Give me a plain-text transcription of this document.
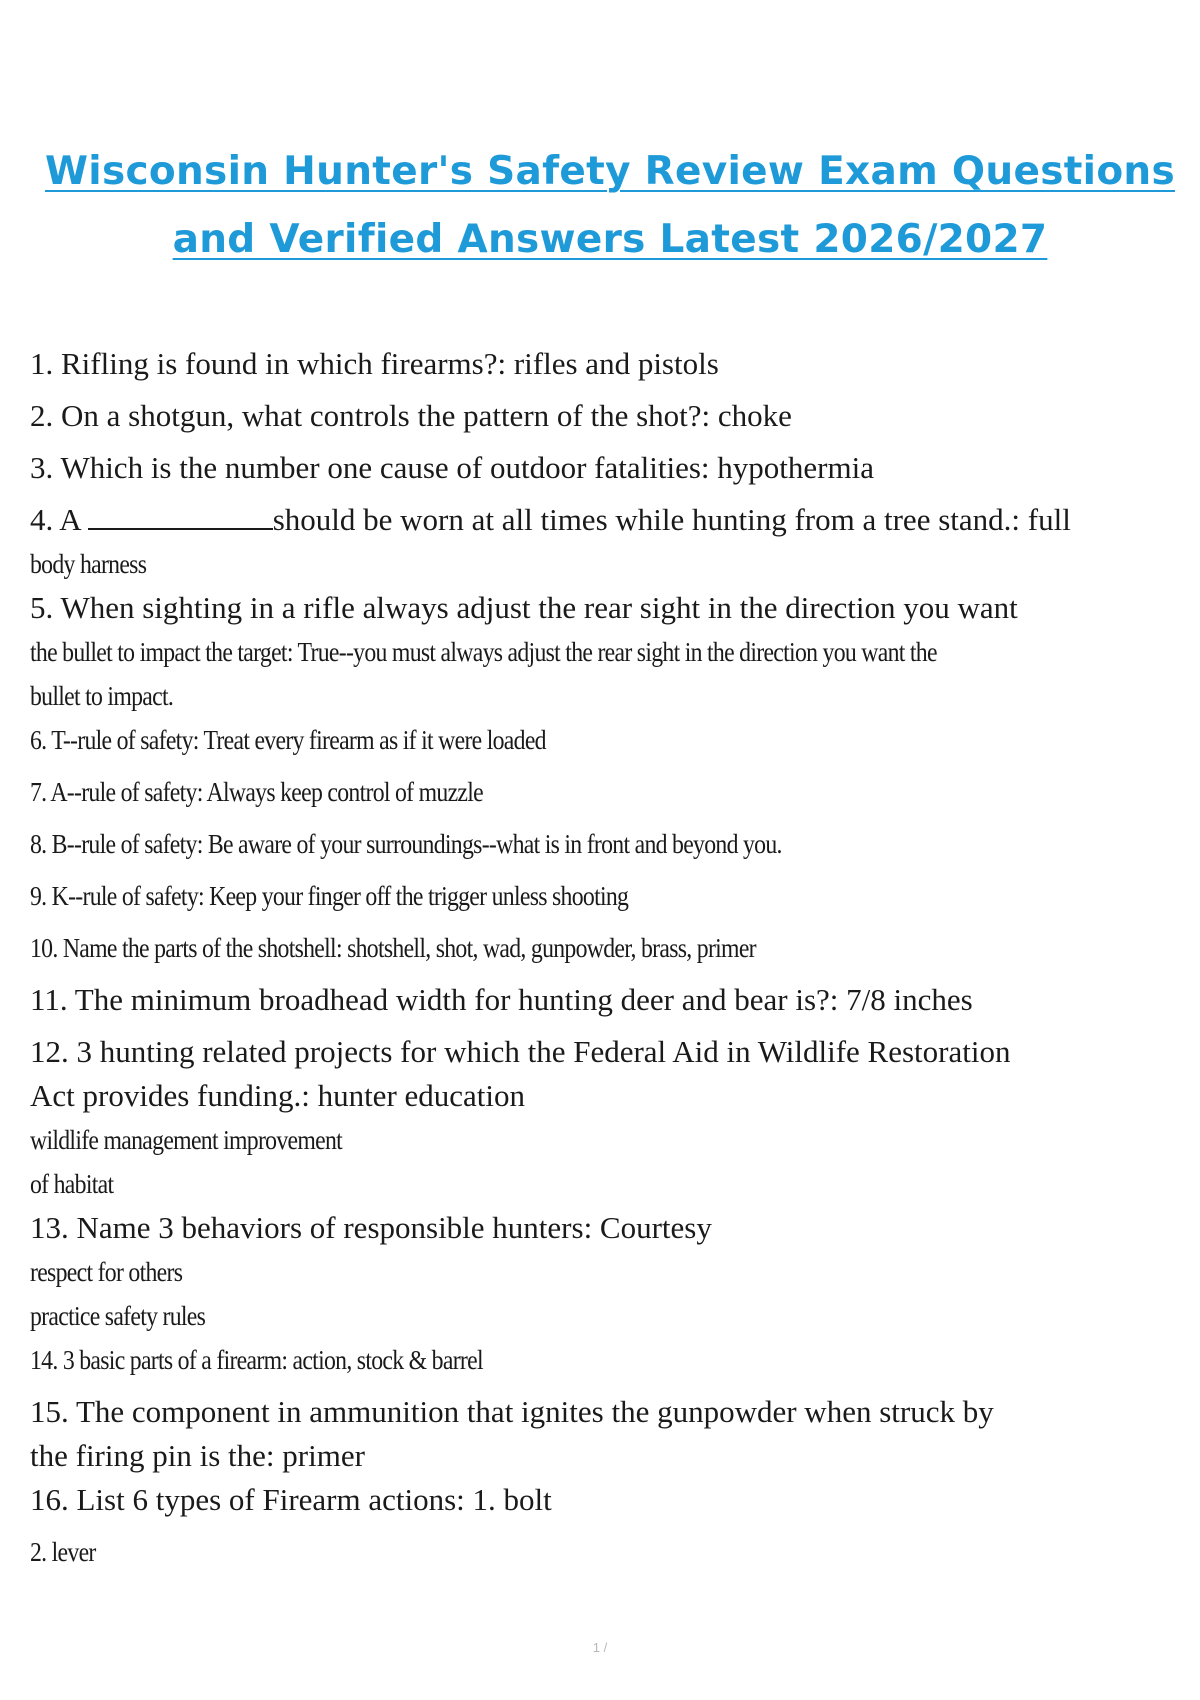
Wisconsin Hunter's Safety Review Exam Questions
and Verified Answers Latest 2026/2027
1. Rifling is found in which firearms?: rifles and pistols
2. On a shotgun, what controls the pattern of the shot?: choke
3. Which is the number one cause of outdoor fatalities: hypothermia
4. A	should be worn at all times while hunting from a tree stand.: full
body harness
5. When sighting in a rifle always adjust the rear sight in the direction you want
the bullet to impact the target: True--you must always adjust the rear sight in the direction you want the
bullet to impact.
6. T--rule of safety: Treat every firearm as if it were loaded
7. A--rule of safety: Always keep control of muzzle
8. B--rule of safety: Be aware of your surroundings--what is in front and beyond you.
9. K--rule of safety: Keep your finger off the trigger unless shooting
10. Name the parts of the shotshell: shotshell, shot, wad, gunpowder, brass, primer
11. The minimum broadhead width for hunting deer and bear is?: 7/8 inches
12. 3 hunting related projects for which the Federal Aid in Wildlife Restoration
Act provides funding.: hunter education
wildlife management improvement
of habitat
13. Name 3 behaviors of responsible hunters: Courtesy
respect for others
practice safety rules
14. 3 basic parts of a firearm: action, stock & barrel
15. The component in ammunition that ignites the gunpowder when struck by
the firing pin is the: primer
16. List 6 types of Firearm actions: 1. bolt
2. lever
1 /
